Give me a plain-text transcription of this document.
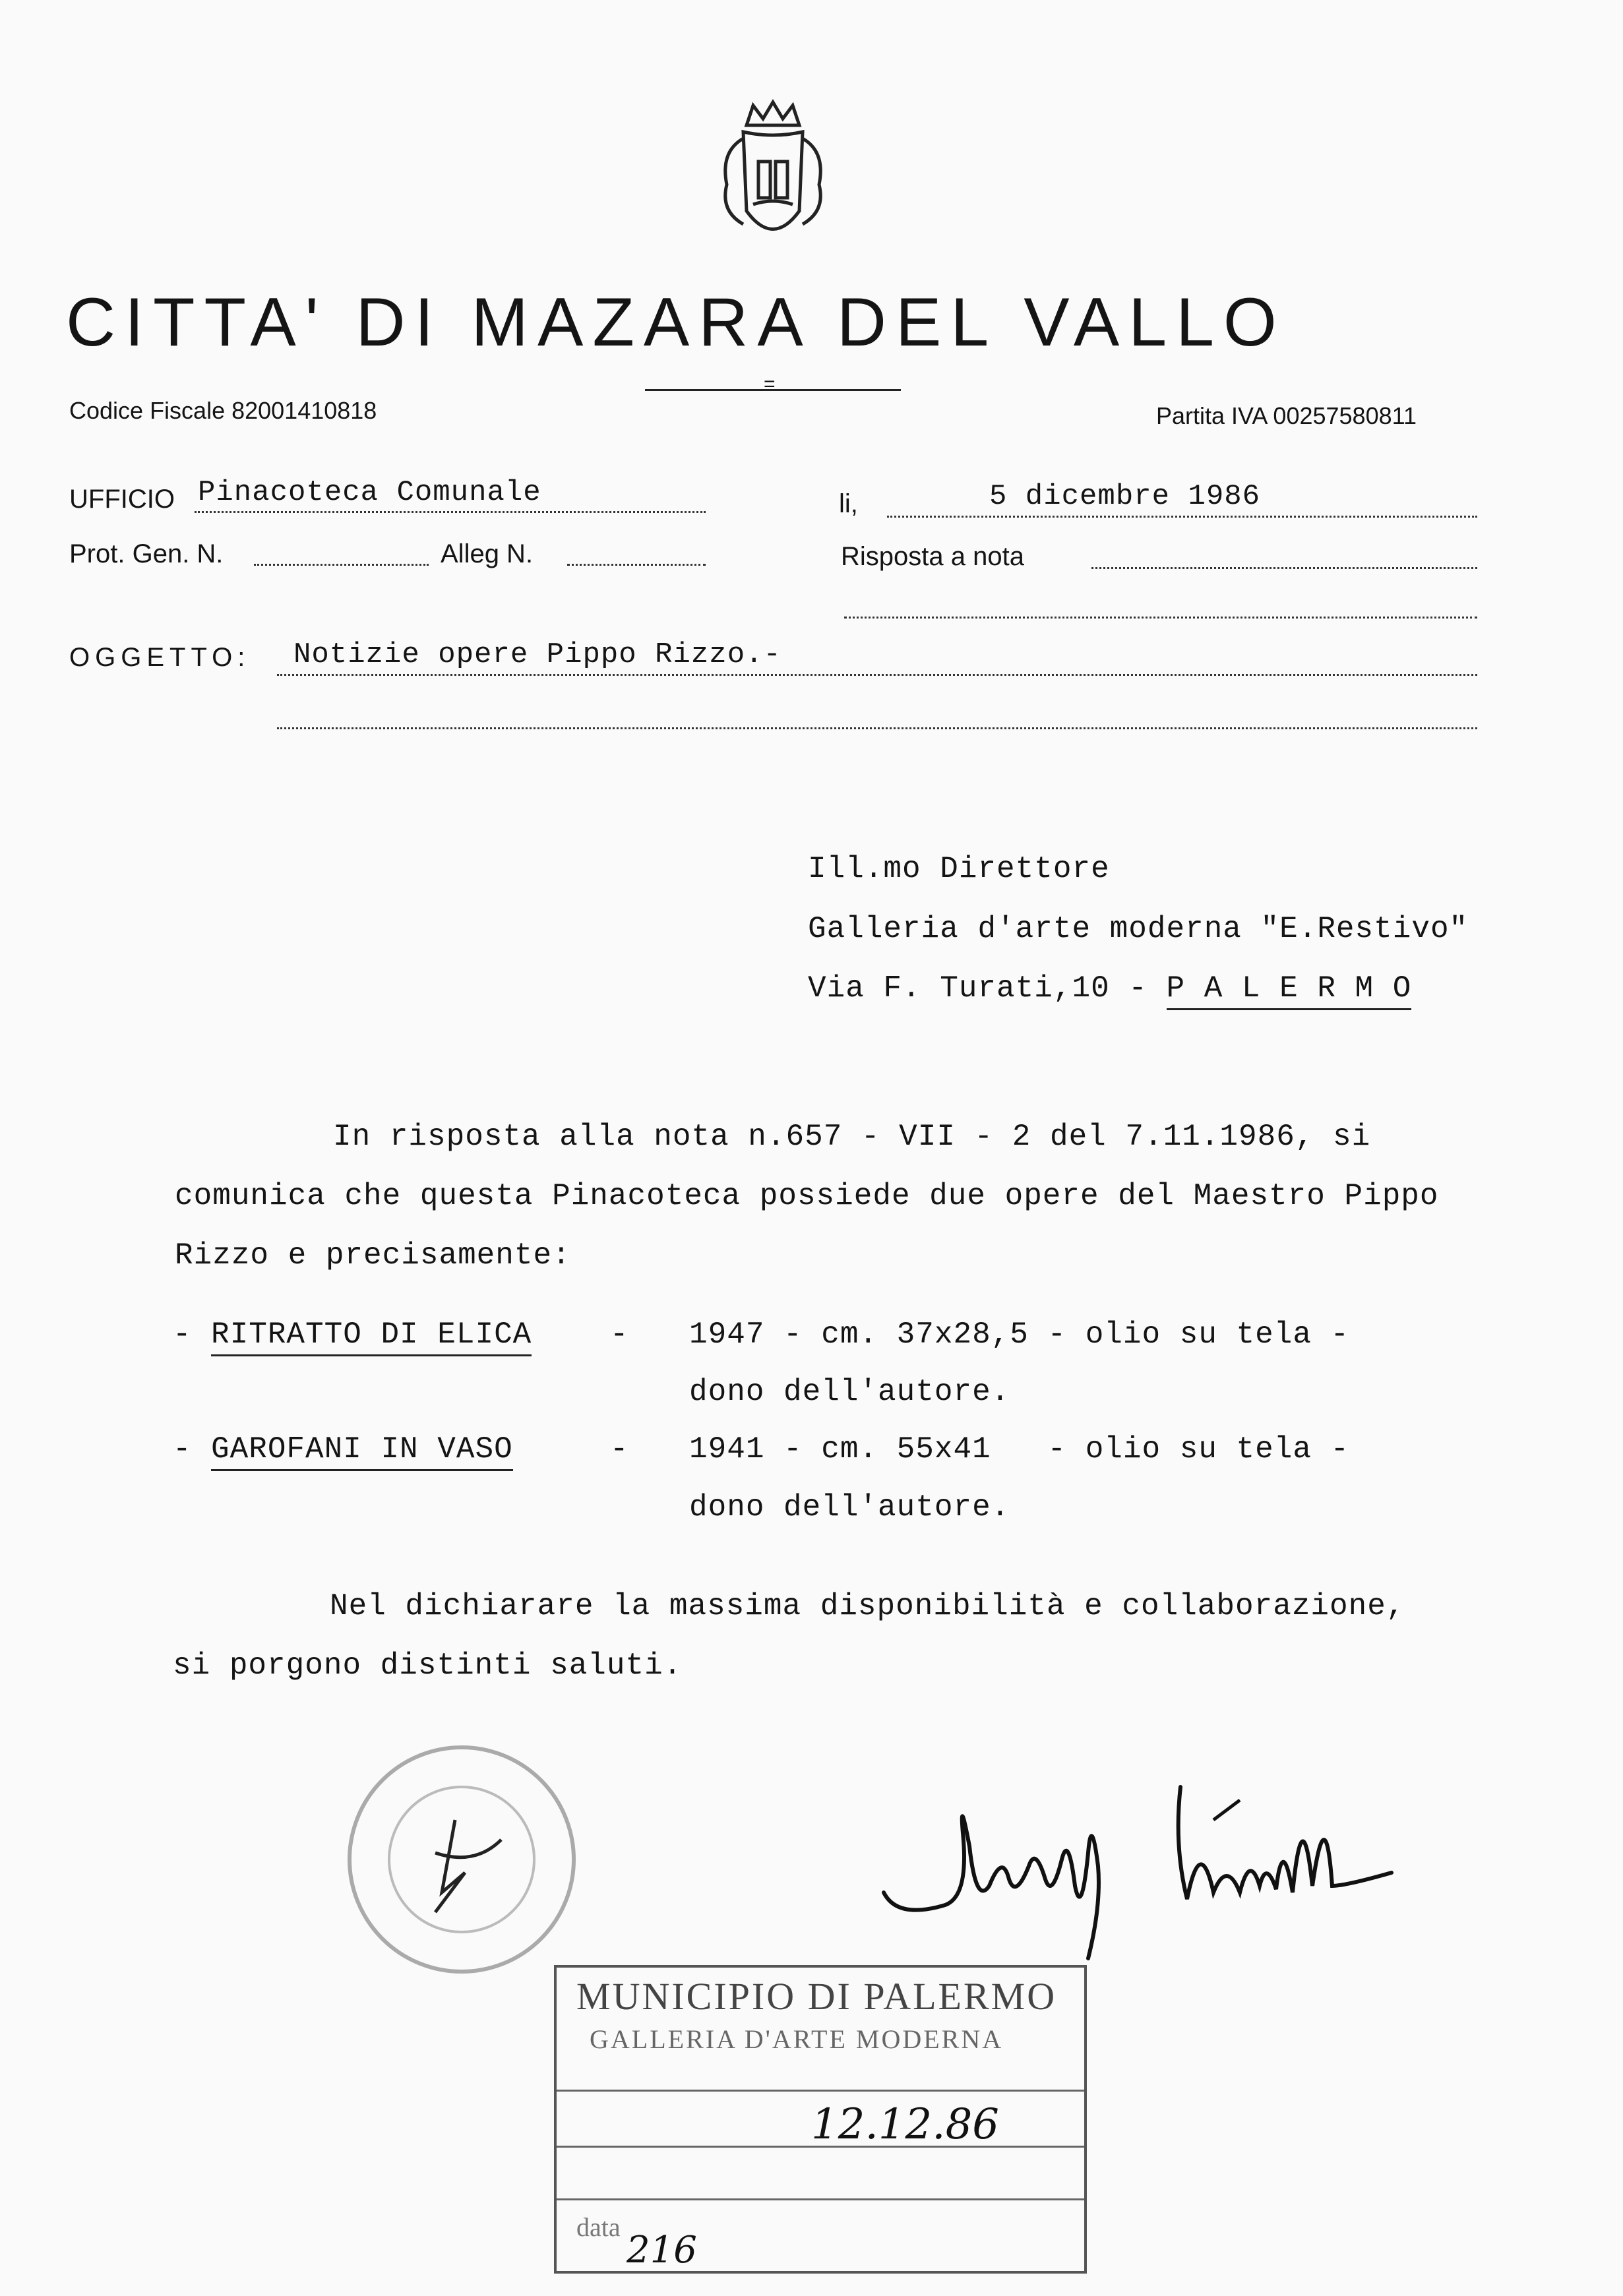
CITTA' DI MAZARA DEL VALLO
=
Codice Fiscale 82001410818	Partita IVA 00257580811
UFFICIO Pinacoteca Comunale	li,	5 dicembre 1986
Prot. Gen. N.	Alleg N.	Risposta a nota
OGGETTO: Notizie opere Pippo Rizzo.-
Ill.mo Direttore
Galleria d'arte moderna "E.Restivo"
Via F. Turati,10 - P A L E R M O
In risposta alla nota n.657 - VII - 2 del 7.11.1986, si
comunica che questa Pinacoteca possiede due opere del Maestro Pippo
Rizzo e precisamente:
- RITRATTO DI ELICA	- 1947 - cm. 37x28,5 - olio su tela -
dono dell'autore.
- GAROFANI IN VASO	- 1941 - cm. 55x41   - olio su tela -
dono dell'autore.
Nel dichiarare la massima disponibilità e collaborazione,
si porgono distinti saluti.
MUNICIPIO DI PALERMO
GALLERIA D'ARTE MODERNA
data
12.12.86
216
